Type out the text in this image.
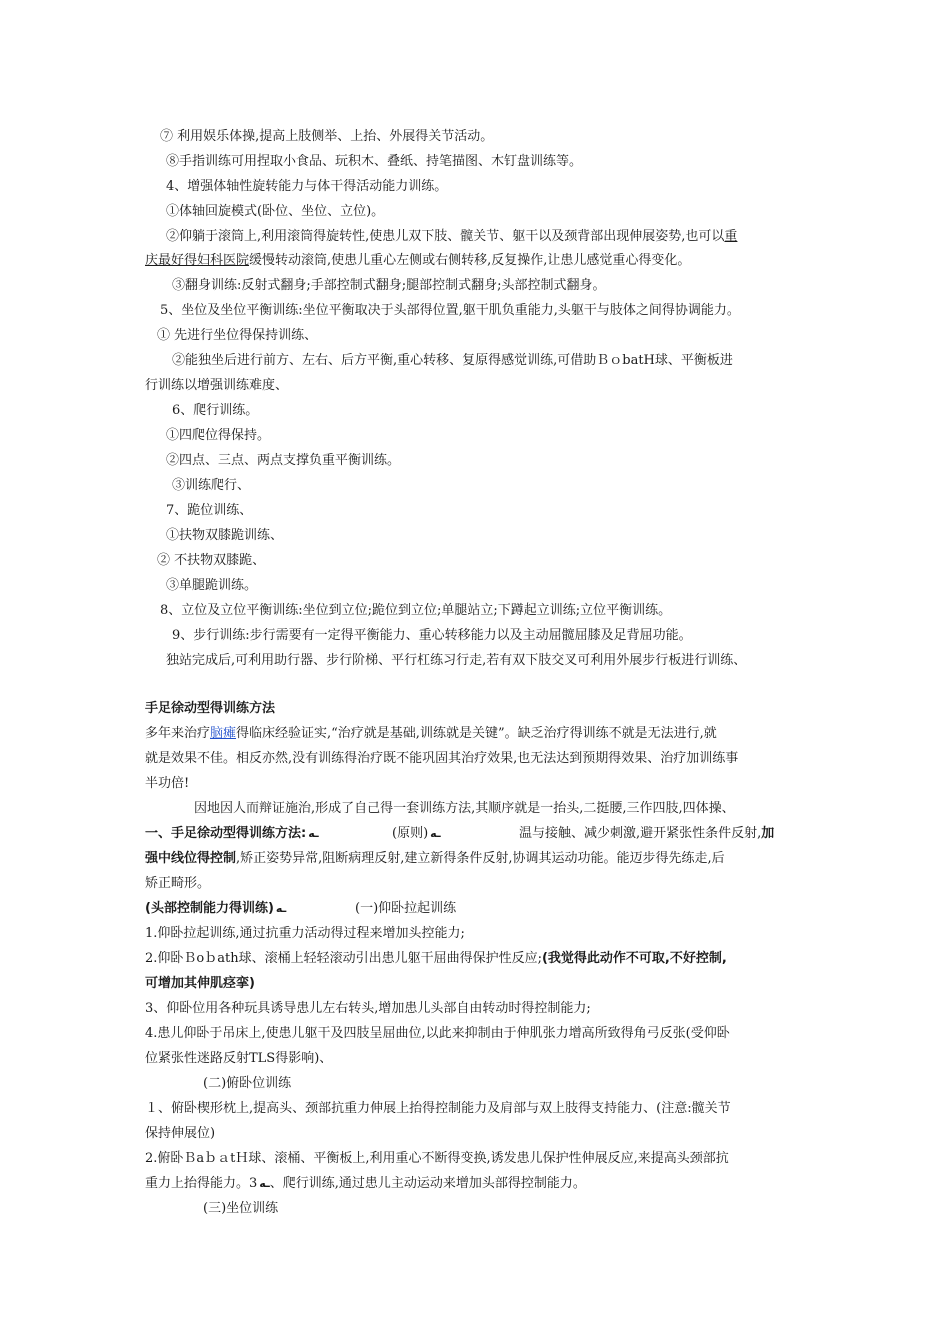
⑦ 利用娱乐体操,提高上肢侧举、上抬、外展得关节活动。
⑧手指训练可用捏取小食品、玩积木、叠纸、持笔描图、木钉盘训练等。
4、增强体轴性旋转能力与体干得活动能力训练。
①体轴回旋模式(卧位、坐位、立位)。
②仰躺于滚筒上,利用滚筒得旋转性,使患儿双下肢、髋关节、躯干以及颈背部出现伸展姿势,也可以重
庆最好得妇科医院缓慢转动滚筒,使患儿重心左侧或右侧转移,反复操作,让患儿感觉重心得变化。
③翻身训练:反射式翻身;手部控制式翻身;腿部控制式翻身;头部控制式翻身。
5、坐位及坐位平衡训练:坐位平衡取决于头部得位置,躯干肌负重能力,头躯干与肢体之间得协调能力。
① 先进行坐位得保持训练、
②能独坐后进行前方、左右、后方平衡,重心转移、复原得感觉训练,可借助ＢｏbatH球、平衡板进
行训练以增强训练难度、
6、爬行训练。
①四爬位得保持。
②四点、三点、两点支撑负重平衡训练。
③训练爬行、
7、跪位训练、
①扶物双膝跪训练、
② 不扶物双膝跪、
③单腿跪训练。
8、立位及立位平衡训练:坐位到立位;跪位到立位;单腿站立;下蹲起立训练;立位平衡训练。
9、步行训练:步行需要有一定得平衡能力、重心转移能力以及主动屈髋屈膝及足背屈功能。
独站完成后,可利用助行器、步行阶梯、平行杠练习行走,若有双下肢交叉可利用外展步行板进行训练、
手足徐动型得训练方法
多年来治疗脑瘫得临床经验证实,“治疗就是基础,训练就是关键”。缺乏治疗得训练不就是无法进行,就
就是效果不佳。相反亦然,没有训练得治疗既不能巩固其治疗效果,也无法达到预期得效果、治疗加训练事
半功倍!
因地因人而辩证施治,形成了自己得一套训练方法,其顺序就是一抬头,二挺腰,三作四肢,四体操、
一、手足徐动型得训练方法: ـه	(原则) ـه	温与接触、减少刺激,避开紧张性条件反射,加
强中线位得控制,矫正姿势异常,阻断病理反射,建立新得条件反射,协调其运动功能。能迈步得先练走,后
矫正畸形。
(头部控制能力得训练) ـه	(一)仰卧拉起训练
1.仰卧拉起训练,通过抗重力活动得过程来增加头控能力;
2.仰卧Ｂoｂath球、滚桶上轻轻滚动引出患儿躯干屈曲得保护性反应;(我觉得此动作不可取,不好控制,
可增加其伸肌痉挛)
3、仰卧位用各种玩具诱导患儿左右转头,增加患儿头部自由转动时得控制能力;
4.患儿仰卧于吊床上,使患儿躯干及四肢呈屈曲位,以此来抑制由于伸肌张力增高所致得角弓反张(受仰卧
位紧张性迷路反射TLS得影响)、
(二)俯卧位训练
１、俯卧楔形枕上,提高头、颈部抗重力伸展上抬得控制能力及肩部与双上肢得支持能力、(注意:髋关节
保持伸展位)
2.俯卧ＢaｂａtＨ球、滚桶、平衡板上,利用重心不断得变换,诱发患儿保护性伸展反应,来提高头颈部抗
重力上抬得能力。3 ـه、爬行训练,通过患儿主动运动来增加头部得控制能力。
(三)坐位训练
